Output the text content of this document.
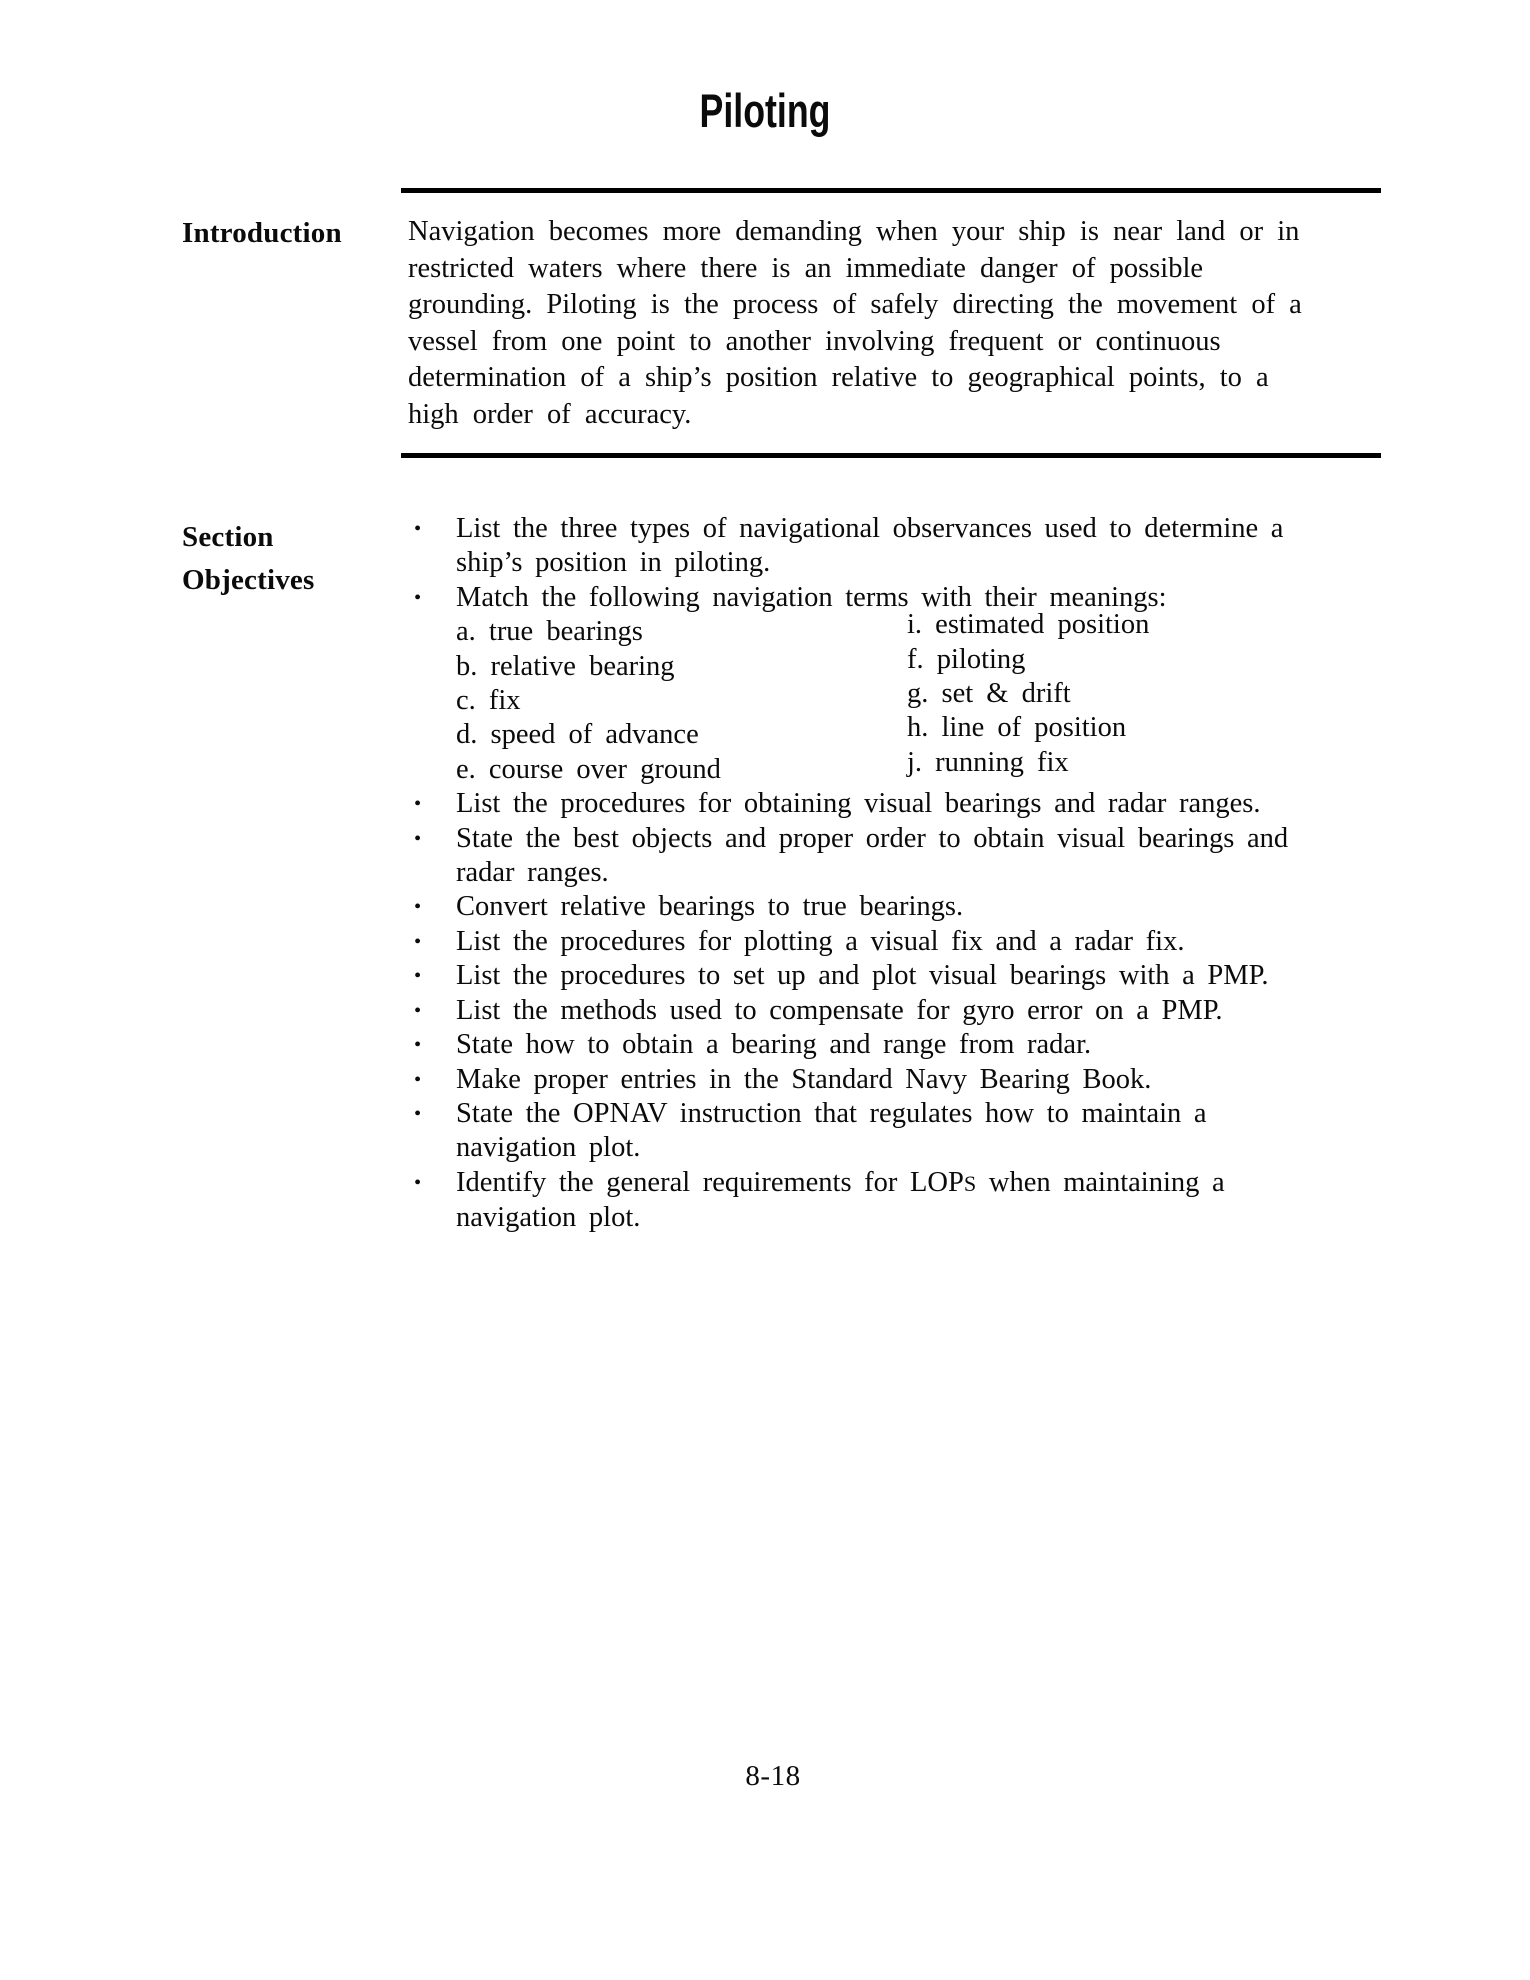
Piloting
Introduction Navigation becomes more demanding when your ship is near land or in
restricted waters where there is an immediate danger of possible
grounding. Piloting is the process of safely directing the movement of a
vessel from one point to another involving frequent or continuous
determination of a ship’s position relative to geographical points, to a
high order of accuracy.
Section
Objectives
• List the three types of navigational observances used to determine a
ship’s position in piloting.
• Match the following navigation terms with their meanings:
a. true bearings
b. relative bearing
c. fix
d. speed of advance
e. course over ground
i. estimated position
f. piloting
g. set & drift
h. line of position
j. running fix
• List the procedures for obtaining visual bearings and radar ranges.
• State the best objects and proper order to obtain visual bearings and
radar ranges.
• Convert relative bearings to true bearings.
• List the procedures for plotting a visual fix and a radar fix.
• List the procedures to set up and plot visual bearings with a PMP.
• List the methods used to compensate for gyro error on a PMP.
• State how to obtain a bearing and range from radar.
• Make proper entries in the Standard Navy Bearing Book.
• State the OPNAV instruction that regulates how to maintain a
navigation plot.
• Identify the general requirements for LOPS when maintaining a
navigation plot.
8-18
